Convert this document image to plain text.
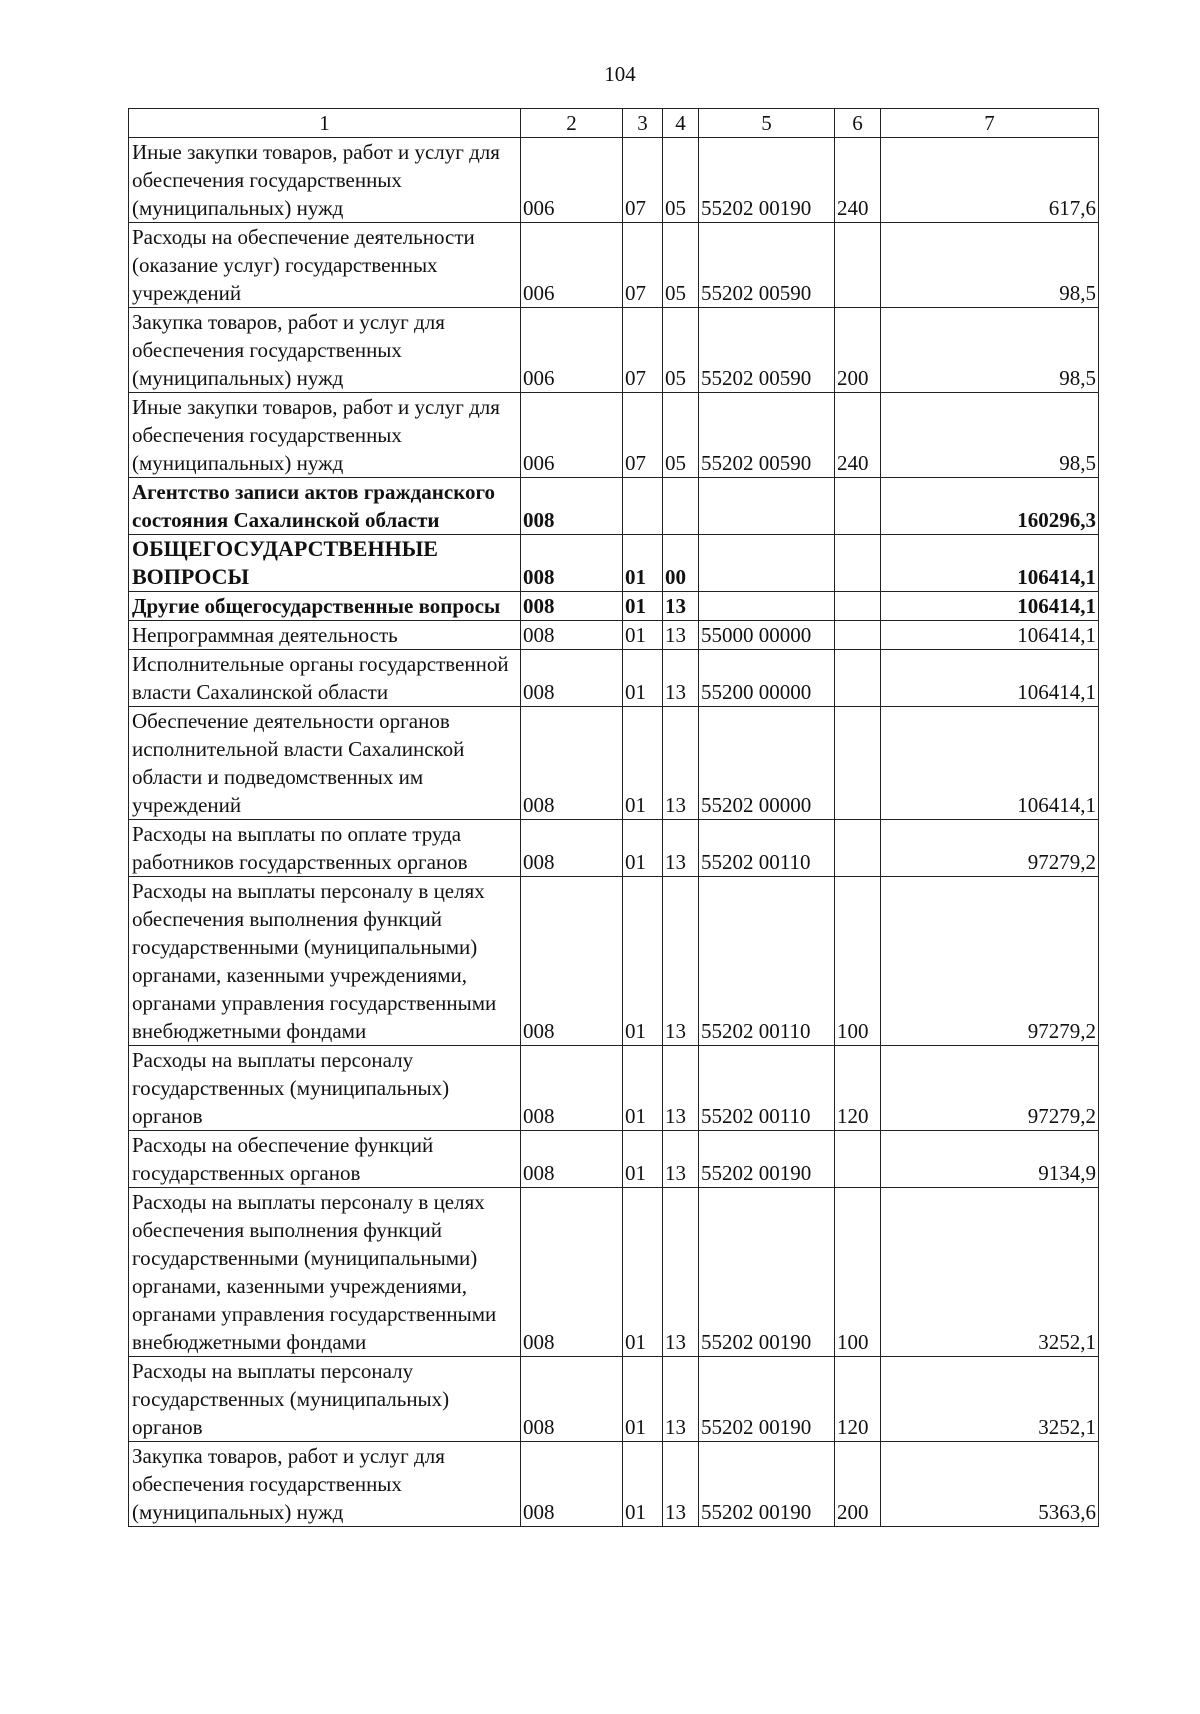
104
1	2	3	4	5	6	7
Иные закупки товаров, работ и услуг для обеспечения государственных (муниципальных) нужд	006	07	05	55202 00190	240	617,6
Расходы на обеспечение деятельности (оказание услуг) государственных учреждений	006	07	05	55202 00590		98,5
Закупка товаров, работ и услуг для обеспечения государственных (муниципальных) нужд	006	07	05	55202 00590	200	98,5
Иные закупки товаров, работ и услуг для обеспечения государственных (муниципальных) нужд	006	07	05	55202 00590	240	98,5
Агентство записи актов гражданского состояния Сахалинской области	008					160296,3
ОБЩЕГОСУДАРСТВЕННЫЕ ВОПРОСЫ	008	01	00			106414,1
Другие общегосударственные вопросы	008	01	13			106414,1
Непрограммная деятельность	008	01	13	55000 00000		106414,1
Исполнительные органы государственной власти Сахалинской области	008	01	13	55200 00000		106414,1
Обеспечение деятельности органов исполнительной власти Сахалинской области и подведомственных им учреждений	008	01	13	55202 00000		106414,1
Расходы на выплаты по оплате труда работников государственных органов	008	01	13	55202 00110		97279,2
Расходы на выплаты персоналу в целях обеспечения выполнения функций государственными (муниципальными) органами, казенными учреждениями, органами управления государственными внебюджетными фондами	008	01	13	55202 00110	100	97279,2
Расходы на выплаты персоналу государственных (муниципальных) органов	008	01	13	55202 00110	120	97279,2
Расходы на обеспечение функций государственных органов	008	01	13	55202 00190		9134,9
Расходы на выплаты персоналу в целях обеспечения выполнения функций государственными (муниципальными) органами, казенными учреждениями, органами управления государственными внебюджетными фондами	008	01	13	55202 00190	100	3252,1
Расходы на выплаты персоналу государственных (муниципальных) органов	008	01	13	55202 00190	120	3252,1
Закупка товаров, работ и услуг для обеспечения государственных (муниципальных) нужд	008	01	13	55202 00190	200	5363,6
